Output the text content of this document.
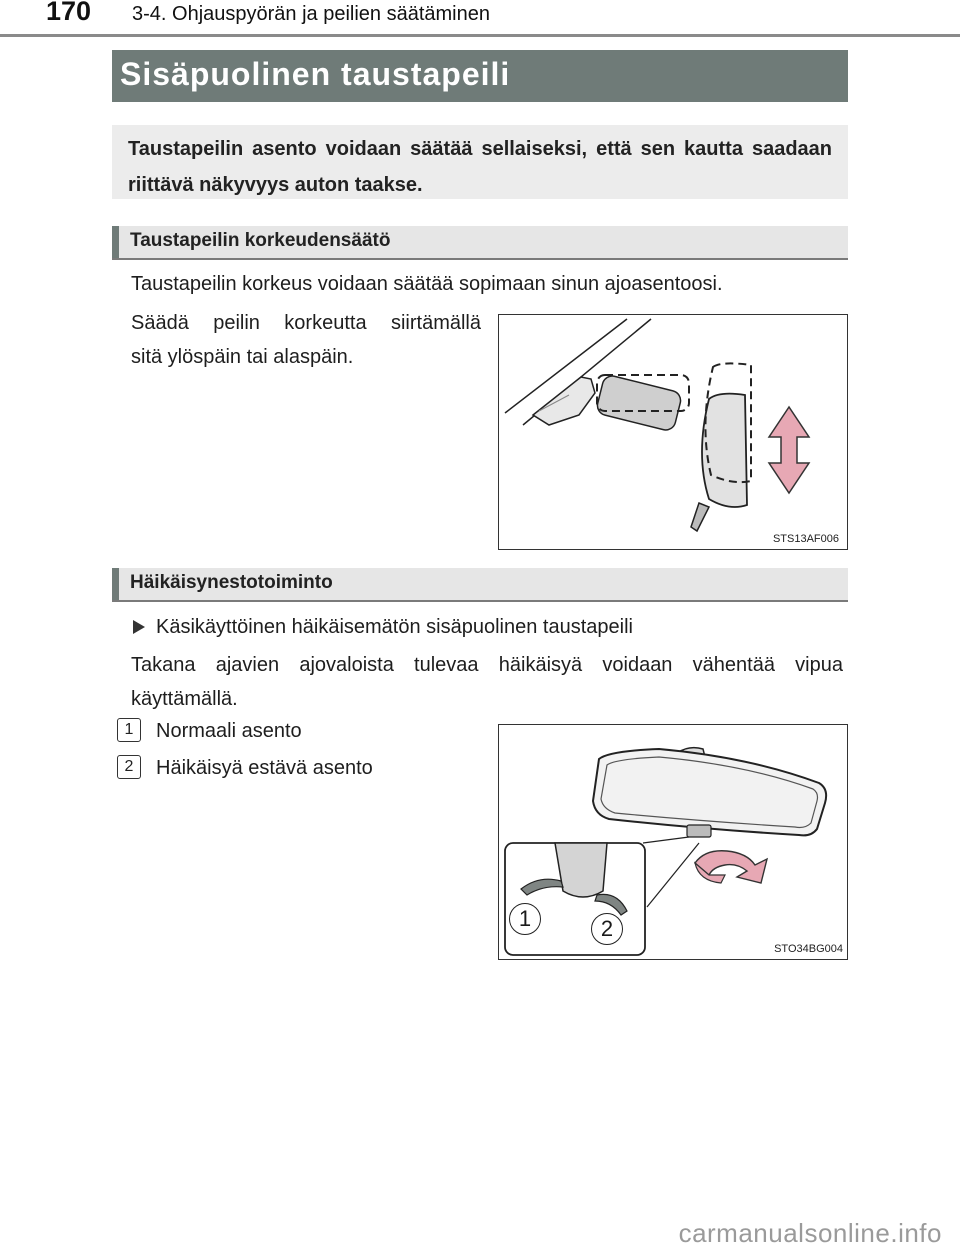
170 3-4. Ohjauspyörän ja peilien säätäminen
Sisäpuolinen taustapeili
Taustapeilin asento voidaan säätää sellaiseksi, että sen kautta saadaan riittävä näkyvyys auton taakse.
Taustapeilin korkeudensäätö
Taustapeilin korkeus voidaan säätää sopimaan sinun ajoasentoosi.
Säädä peilin korkeutta siirtämällä
sitä ylöspäin tai alaspäin.
STS13AF006
Häikäisynestotoiminto
Käsikäyttöinen häikäisemätön sisäpuolinen taustapeili
Takana ajavien ajovaloista tulevaa häikäisyä voidaan vähentää vipua käyttämällä.
1	Normaali asento
2	Häikäisyä estävä asento
1	2
STO34BG004
carmanualsonline.info
